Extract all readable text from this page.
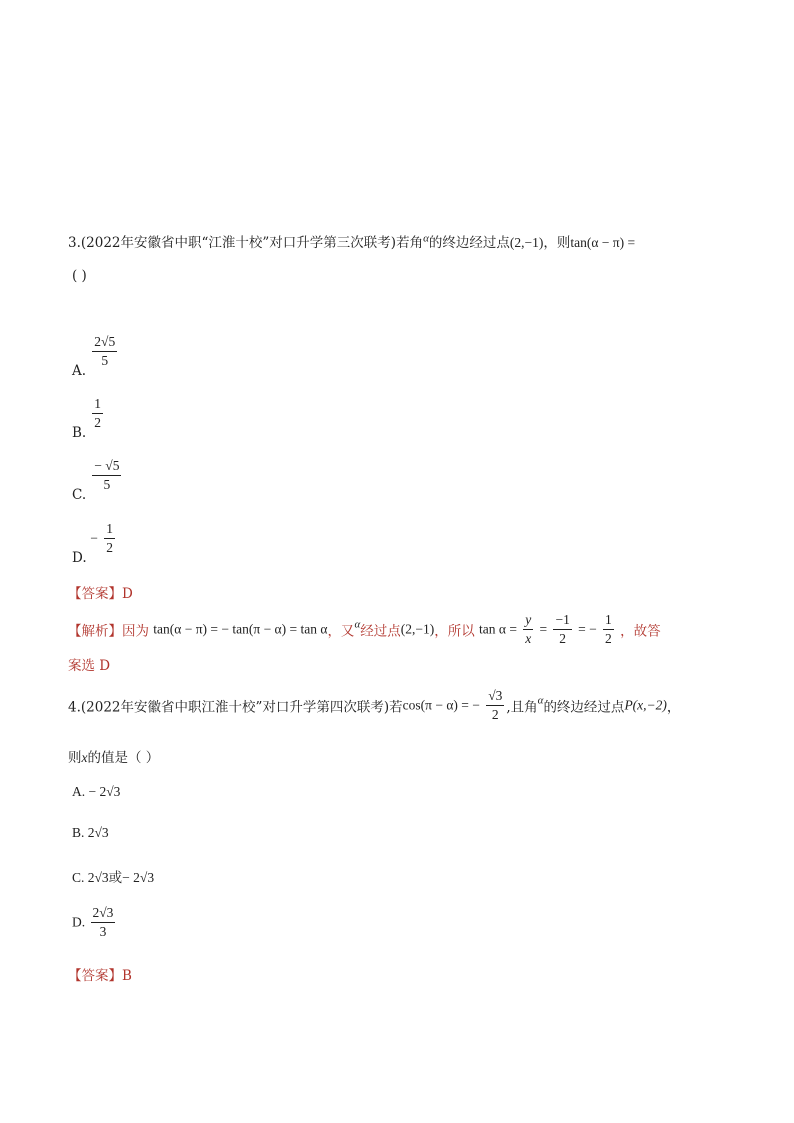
3.(2022年安徽省中职“江淮十校”对口升学第三次联考)若角$^\alpha$的终边经过点(2,−1)，则tan(α − π) =
( )
A.
$\frac{2√5}{5}$
B.
$\frac{1}{2}$
C.
$\frac{- √5}{5}$
D. − $\frac{1}{2}$
【答案】D
【解析】因为 tan(α − π) = − tan(π − α) = tan α，又$^\alpha$经过点(2,−1)，所以 $\tan \alpha = \frac{y}{x} = \frac{-1}{2}$ = − $\frac{1}{2}$ ，故答
案选 D
4.(2022年安徽省中职江淮十校”对口升学第四次联考)若cos(π − α) = − $\frac{√3}{2}$ ,且角$^\alpha$的终边经过点P(x,−2)，
则x的值是（ ）
A. − 2√3
B. 2√3
C. 2√3或− 2√3
D. $\frac{2√3}{3}$
【答案】B
